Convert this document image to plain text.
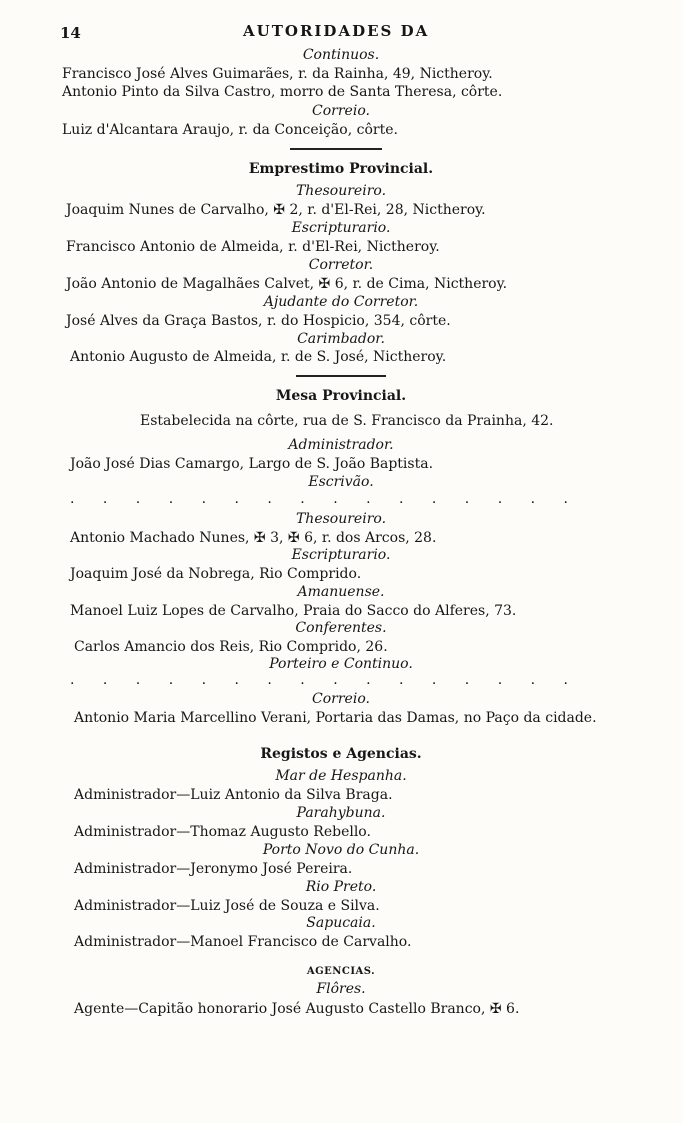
14	AUTORIDADES DA
Continuos.
Francisco José Alves Guimarães, r. da Rainha, 49, Nictheroy.
Antonio Pinto da Silva Castro, morro de Santa Theresa, côrte.
Correio.
Luiz d'Alcantara Araujo, r. da Conceição, côrte.
Emprestimo Provincial.
Thesoureiro.
Joaquim Nunes de Carvalho, ✠ 2, r. d'El-Rei, 28, Nictheroy.
Escripturario.
Francisco Antonio de Almeida, r. d'El-Rei, Nictheroy.
Corretor.
João Antonio de Magalhães Calvet, ✠ 6, r. de Cima, Nictheroy.
Ajudante do Corretor.
José Alves da Graça Bastos, r. do Hospicio, 354, côrte.
Carimbador.
Antonio Augusto de Almeida, r. de S. José, Nictheroy.
Mesa Provincial.
Estabelecida na côrte, rua de S. Francisco da Prainha, 42.
Administrador.
João José Dias Camargo, Largo de S. João Baptista.
Escrivão.
. . . . . . . . . . . . . . . .
Thesoureiro.
Antonio Machado Nunes, ✠ 3, ✠ 6, r. dos Arcos, 28.
Escripturario.
Joaquim José da Nobrega, Rio Comprido.
Amanuense.
Manoel Luiz Lopes de Carvalho, Praia do Sacco do Alferes, 73.
Conferentes.
Carlos Amancio dos Reis, Rio Comprido, 26.
Porteiro e Continuo.
. . . . . . . . . . . . . . . .
Correio.
Antonio Maria Marcellino Verani, Portaria das Damas, no Paço da cidade.
Registos e Agencias.
Mar de Hespanha.
Administrador—Luiz Antonio da Silva Braga.
Parahybuna.
Administrador—Thomaz Augusto Rebello.
Porto Novo do Cunha.
Administrador—Jeronymo José Pereira.
Rio Preto.
Administrador—Luiz José de Souza e Silva.
Sapucaia.
Administrador—Manoel Francisco de Carvalho.
AGENCIAS.
Flôres.
Agente—Capitão honorario José Augusto Castello Branco, ✠ 6.
